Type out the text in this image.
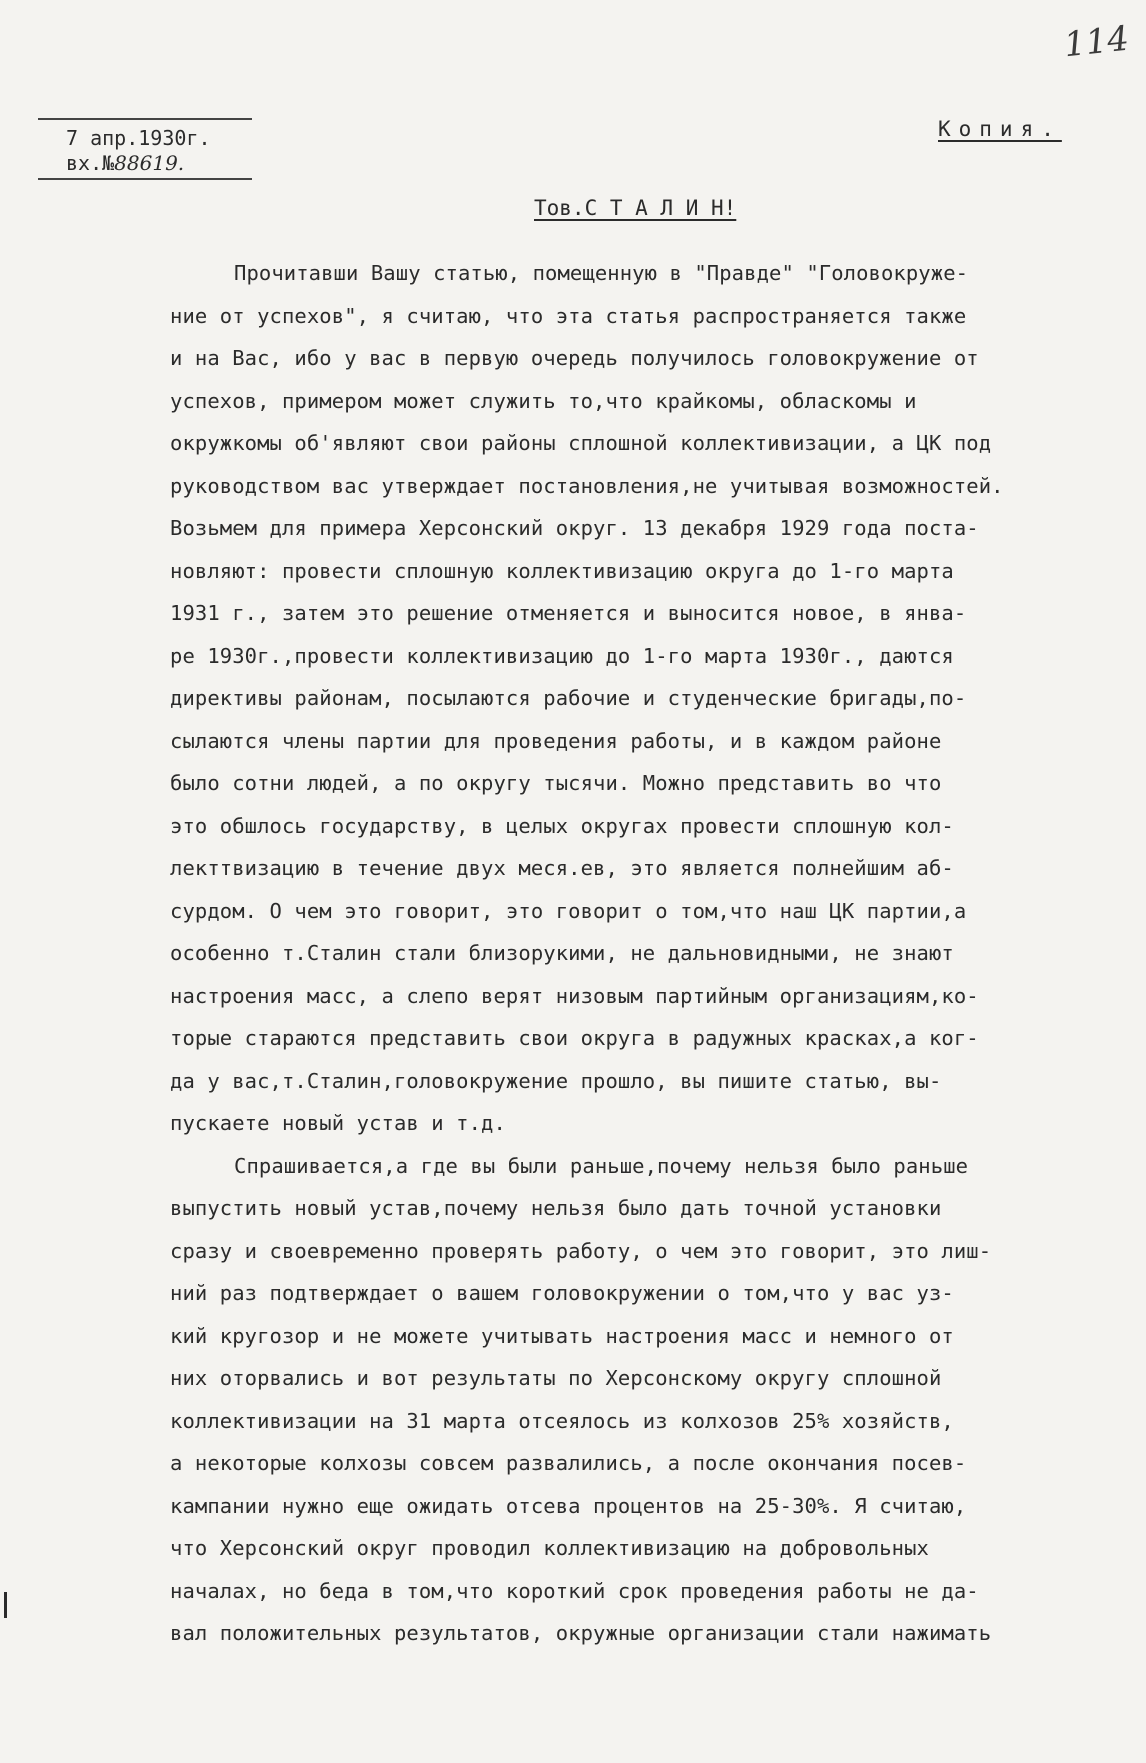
114
7 апр.1930г.
вх.№88619.
Копия.
Тов.С Т А Л И Н!
Прочитавши Вашу статью, помещенную в "Правде" "Головокруже-
ние от успехов", я считаю, что эта статья распространяется также
и на Вас, ибо у вас в первую очередь получилось головокружение от
успехов, примером может служить то,что крайкомы, обласкомы и
окружкомы об'являют свои районы сплошной коллективизации, а ЦК под
руководством вас утверждает постановления,не учитывая возможностей.
Возьмем для примера Херсонский округ. 13 декабря 1929 года поста-
новляют: провести сплошную коллективизацию округа до 1-го марта
1931 г., затем это решение отменяется и выносится новое, в янва-
ре 1930г.,провести коллективизацию до 1-го марта 1930г., даются
директивы районам, посылаются рабочие и студенческие бригады,по-
сылаются члены партии для проведения работы, и в каждом районе
было сотни людей, а по округу тысячи. Можно представить во что
это обшлось государству, в целых округах провести сплошную кол-
лекттвизацию в течение двух меся.ев, это является полнейшим аб-
сурдом. О чем это говорит, это говорит о том,что наш ЦК партии,а
особенно т.Сталин стали близорукими, не дальновидными, не знают
настроения масс, а слепо верят низовым партийным организациям,ко-
торые стараются представить свои округа в радужных красках,а ког-
да у вас,т.Сталин,головокружение прошло, вы пишите статью, вы-
пускаете новый устав и т.д.
Спрашивается,а где вы были раньше,почему нельзя было раньше
выпустить новый устав,почему нельзя было дать точной установки
сразу и своевременно проверять работу, о чем это говорит, это лиш-
ний раз подтверждает о вашем головокружении о том,что у вас уз-
кий кругозор и не можете учитывать настроения масс и немного от
них оторвались и вот результаты по Херсонскому округу сплошной
коллективизации на 31 марта отсеялось из колхозов 25% хозяйств,
а некоторые колхозы совсем развалились, а после окончания посев-
кампании нужно еще ожидать отсева процентов на 25-30%. Я считаю,
что Херсонский округ проводил коллективизацию на добровольных
началах, но беда в том,что короткий срок проведения работы не да-
вал положительных результатов, окружные организации стали нажимать
